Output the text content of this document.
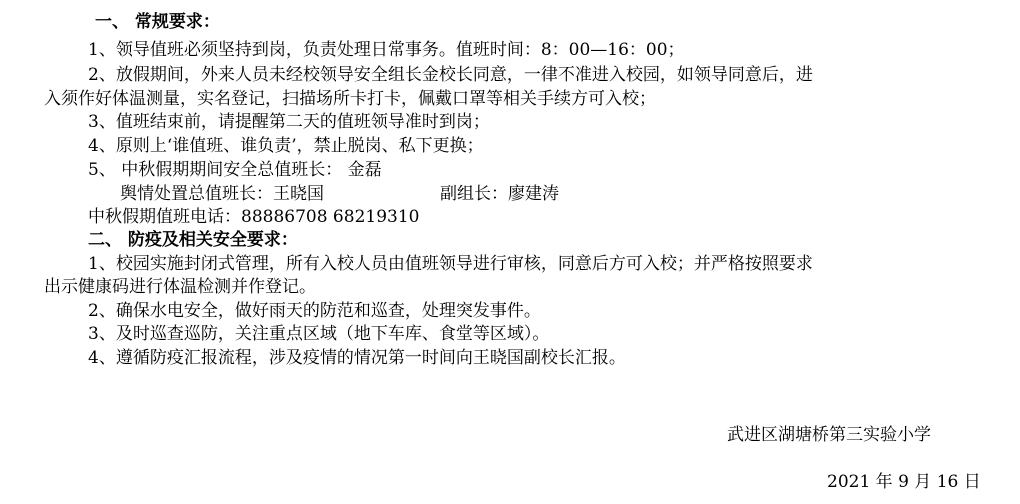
一、 常规要求：
1、领导值班必须坚持到岗，负责处理日常事务。值班时间：8：00—16：00；
2、放假期间，外来人员未经校领导安全组长金校长同意，一律不准进入校园，如领导同意后，进
入须作好体温测量，实名登记，扫描场所卡打卡，佩戴口罩等相关手续方可入校；
3、值班结束前，请提醒第二天的值班领导准时到岗；
4、原则上‘谁值班、谁负责’，禁止脱岗、私下更换；
5、 中秋假期期间安全总值班长： 金磊
舆情处置总值班长：王晓国	副组长：廖建涛
中秋假期值班电话：88886708 68219310
二、 防疫及相关安全要求：
1、校园实施封闭式管理，所有入校人员由值班领导进行审核，同意后方可入校；并严格按照要求
出示健康码进行体温检测并作登记。
2、确保水电安全，做好雨天的防范和巡查，处理突发事件。
3、及时巡查巡防，关注重点区域（地下车库、食堂等区域）。
4、遵循防疫汇报流程，涉及疫情的情况第一时间向王晓国副校长汇报。
武进区湖塘桥第三实验小学
2021 年 9 月 16 日
